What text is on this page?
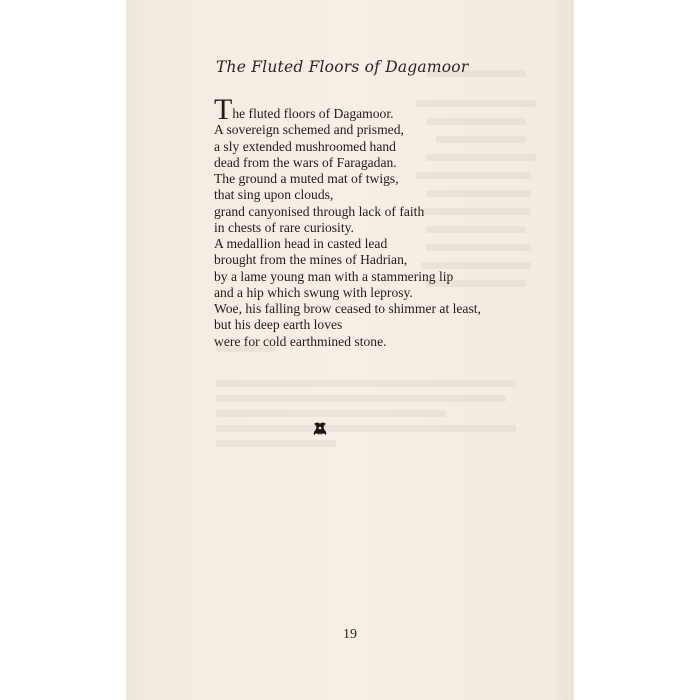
The Fluted Floors of Dagamoor
The fluted floors of Dagamoor.
A sovereign schemed and prismed,
a sly extended mushroomed hand
dead from the wars of Faragadan.
The ground a muted mat of twigs,
that sing upon clouds,
grand canyonised through lack of faith
in chests of rare curiosity.
A medallion head in casted lead
brought from the mines of Hadrian,
by a lame young man with a stammering lip
and a hip which swung with leprosy.
Woe, his falling brow ceased to shimmer at least,
but his deep earth loves
were for cold earthmined stone.
19
